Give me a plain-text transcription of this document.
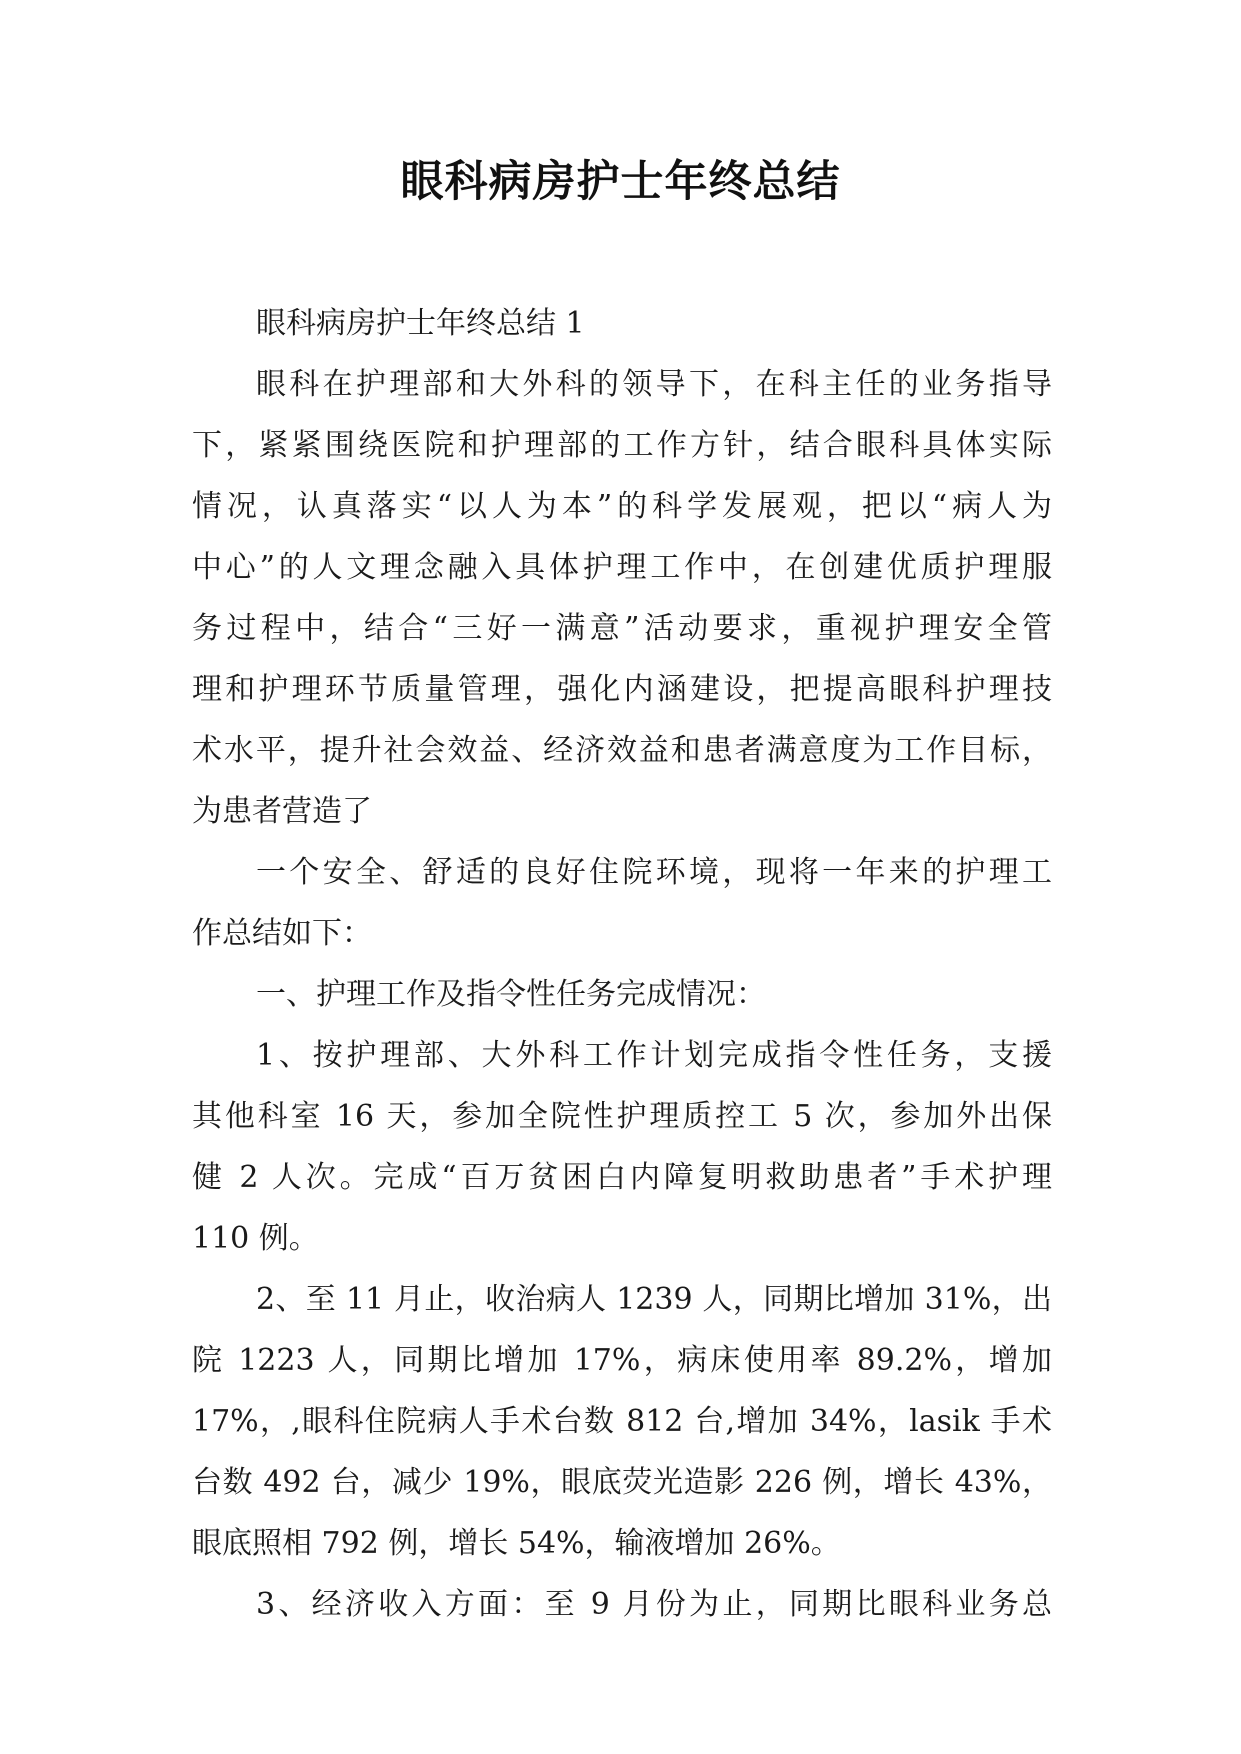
眼科病房护士年终总结
眼科病房护士年终总结 1
眼科在护理部和大外科的领导下，在科主任的业务指导
下，紧紧围绕医院和护理部的工作方针，结合眼科具体实际
情况，认真落实“以人为本”的科学发展观，把以“病人为
中心”的人文理念融入具体护理工作中，在创建优质护理服
务过程中，结合“三好一满意”活动要求，重视护理安全管
理和护理环节质量管理，强化内涵建设，把提高眼科护理技
术水平，提升社会效益、经济效益和患者满意度为工作目标，
为患者营造了
一个安全、舒适的良好住院环境，现将一年来的护理工
作总结如下：
一、护理工作及指令性任务完成情况：
1、按护理部、大外科工作计划完成指令性任务，支援
其他科室 16 天，参加全院性护理质控工 5 次，参加外出保
健 2 人次。完成“百万贫困白内障复明救助患者”手术护理
110 例。
2、至 11 月止，收治病人 1239 人，同期比增加 31%，出
院 1223 人，同期比增加 17%，病床使用率 89.2%，增加
17%，,眼科住院病人手术台数 812 台,增加 34%，lasik 手术
台数 492 台，减少 19%，眼底荧光造影 226 例，增长 43%，
眼底照相 792 例，增长 54%，输液增加 26%。
3、经济收入方面：至 9 月份为止，同期比眼科业务总
